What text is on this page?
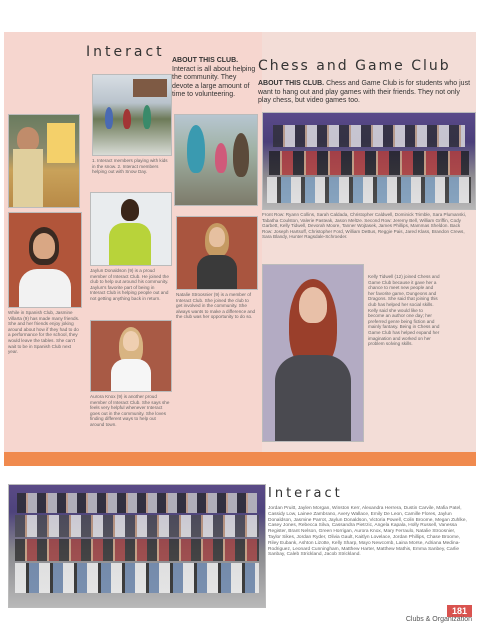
Interact
ABOUT THIS CLUB.
Interact is all about helping the community. They devote a large amount of time to volunteering.
1. Interact members playing with kids in the snow. 2. Interact members helping out with Snow Day.
While in Spanish Club, Jasmine Villarta (9) has made many friends. She and her friends enjoy joking around about how if they had to do a performance for the school, they would leave the tables. She can't wait to be in Spanish Club next year.
Jaylun Donaldson (9) is a proud member of Interact Club. He joined the club to help out around his community. Jaylun's favorite part of being in Interact Club is helping people out and not getting anything back in return.
Natalie Stroosnier (9) is a member of Interact Club. She joined the club to get involved in the community. She always wants to make a difference and the club was her opportunity to do so.
Aurora Knox (9) is another proud member of Interact Club. She says she feels very helpful whenever Interact goes out in the community. She loves finding different ways to help out around town.
Chess and Game Club
ABOUT THIS CLUB. Chess and Game Club is for students who just want to hang out and play games with their friends. They not only play chess, but video games too.
Front Row: Ryann Collins, Sarah Caldada, Christopher Caldwell, Dominick Trimble, Sara Plumanski, Tabatha Coulston, Valerie Pasteak, Jason Meltze. Second Row: Jeremy Bell, William Griffin, Cody Garbett, Kelly Tidwell, Devorah Moore, Tanner Wojtasek, James Phillips, Mammas Sheldon. Back Row: Joseph Hartsoff, Christopher Ford, William DeBus, Reggie Pais, Jared Klass, Brandon Crews, Sara Blandy, Hunter Ragsdale-Schroeder.
Kelly Tidwell (12) joined Chess and Game Club because it gave her a chance to meet new people and her favorite game, Dungeons and Dragons. She said that joining this club has helped her social skills. Kelly said she would like to become an author one day; her preferred genre being fiction and mainly fantasy. Being in Chess and Game Club has helped expand her imagination and worked on her problem solving skills.
Interact
Jordan Pruitt, Jaylen Morgan, Winston Kerr, Alexandra Herrera, Dustin Carvile, Mafia Patel, Cassidy Low, Lainee Zambrano, Avery Wallace, Emily De Leon, Camille Flores, Jaylun Donaldson, Jasmine Parrot, Jaylun Donaldson, Victoria Powell, Colin Broome, Megan Zuhlke, Casey Jones, Rebecca Silva, Cassandra Pietrzic, Angela Kapala, Holly Russell, Vanessa Register, Brant Nelson, Green Horrigan, Aurora Knox, Mary Ferraulo, Natalie Stroosnier, Taylor Sikes, Jordan Ryder, Olivia Gault, Kaitlyn Lovelace, Jordan Phillips, Chase Broome, Riley Eubank, Ashton Lizotte, Kelly Sharp, Mayo Newcomb, Laina Morse, Adriana Medina-Rodriguez, Leonard Cunningham, Matthew Harter, Matthew Mathis, Emma Sanbey, Carlie Sanbay, Caleb Strickland, Jacob Strickland.
181
Clubs & Organization
